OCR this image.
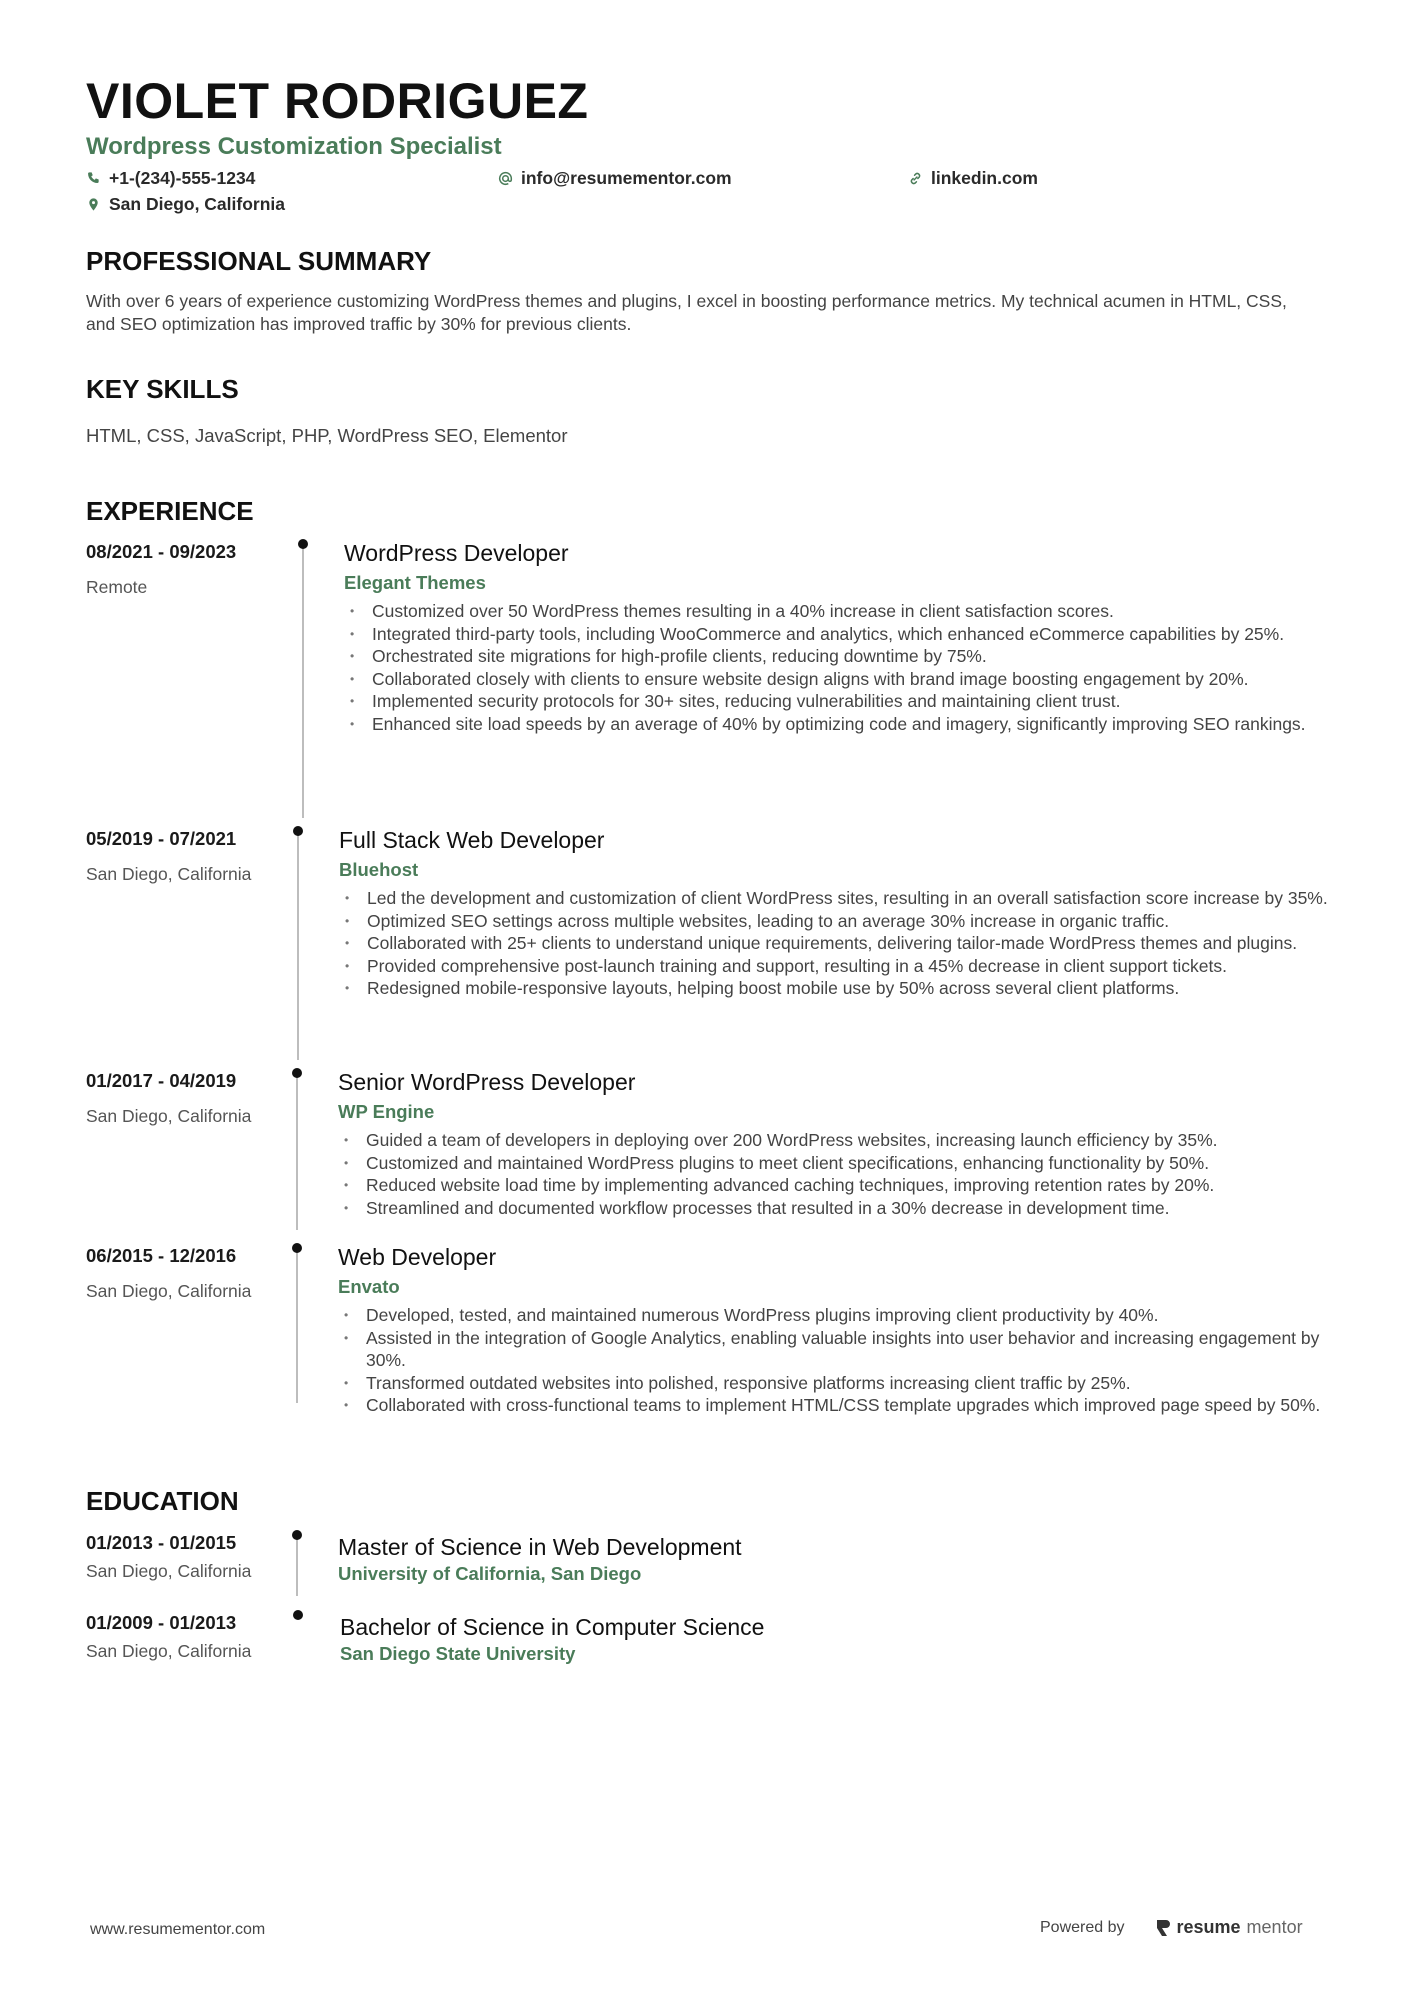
VIOLET RODRIGUEZ
Wordpress Customization Specialist
+1-(234)-555-1234	info@resumementor.com	linkedin.com
San Diego, California
PROFESSIONAL SUMMARY
With over 6 years of experience customizing WordPress themes and plugins, I excel in boosting performance metrics. My technical acumen in HTML, CSS, and SEO optimization has improved traffic by 30% for previous clients.
KEY SKILLS
HTML, CSS, JavaScript, PHP, WordPress SEO, Elementor
EXPERIENCE
08/2021 - 09/2023
Remote
WordPress Developer
Elegant Themes
• Customized over 50 WordPress themes resulting in a 40% increase in client satisfaction scores.
• Integrated third-party tools, including WooCommerce and analytics, which enhanced eCommerce capabilities by 25%.
• Orchestrated site migrations for high-profile clients, reducing downtime by 75%.
• Collaborated closely with clients to ensure website design aligns with brand image boosting engagement by 20%.
• Implemented security protocols for 30+ sites, reducing vulnerabilities and maintaining client trust.
• Enhanced site load speeds by an average of 40% by optimizing code and imagery, significantly improving SEO rankings.
05/2019 - 07/2021
San Diego, California
Full Stack Web Developer
Bluehost
• Led the development and customization of client WordPress sites, resulting in an overall satisfaction score increase by 35%.
• Optimized SEO settings across multiple websites, leading to an average 30% increase in organic traffic.
• Collaborated with 25+ clients to understand unique requirements, delivering tailor-made WordPress themes and plugins.
• Provided comprehensive post-launch training and support, resulting in a 45% decrease in client support tickets.
• Redesigned mobile-responsive layouts, helping boost mobile use by 50% across several client platforms.
01/2017 - 04/2019
San Diego, California
Senior WordPress Developer
WP Engine
• Guided a team of developers in deploying over 200 WordPress websites, increasing launch efficiency by 35%.
• Customized and maintained WordPress plugins to meet client specifications, enhancing functionality by 50%.
• Reduced website load time by implementing advanced caching techniques, improving retention rates by 20%.
• Streamlined and documented workflow processes that resulted in a 30% decrease in development time.
06/2015 - 12/2016
San Diego, California
Web Developer
Envato
• Developed, tested, and maintained numerous WordPress plugins improving client productivity by 40%.
• Assisted in the integration of Google Analytics, enabling valuable insights into user behavior and increasing engagement by 30%.
• Transformed outdated websites into polished, responsive platforms increasing client traffic by 25%.
• Collaborated with cross-functional teams to implement HTML/CSS template upgrades which improved page speed by 50%.
EDUCATION
01/2013 - 01/2015
San Diego, California
Master of Science in Web Development
University of California, San Diego
01/2009 - 01/2013
San Diego, California
Bachelor of Science in Computer Science
San Diego State University
www.resumementor.com	Powered by	resume mentor
